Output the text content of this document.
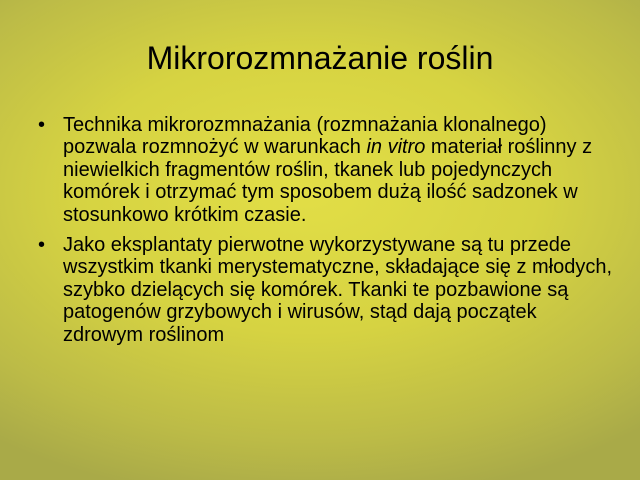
Mikrorozmnażanie roślin
• Technika mikrorozmnażania (rozmnażania klonalnego) pozwala rozmnożyć w warunkach in vitro materiał roślinny z niewielkich fragmentów roślin, tkanek lub pojedynczych komórek i otrzymać tym sposobem dużą ilość sadzonek w stosunkowo krótkim czasie.
• Jako eksplantaty pierwotne wykorzystywane są tu przede wszystkim tkanki merystematyczne, składające się z młodych, szybko dzielących się komórek. Tkanki te pozbawione są patogenów grzybowych i wirusów, stąd dają początek zdrowym roślinom
